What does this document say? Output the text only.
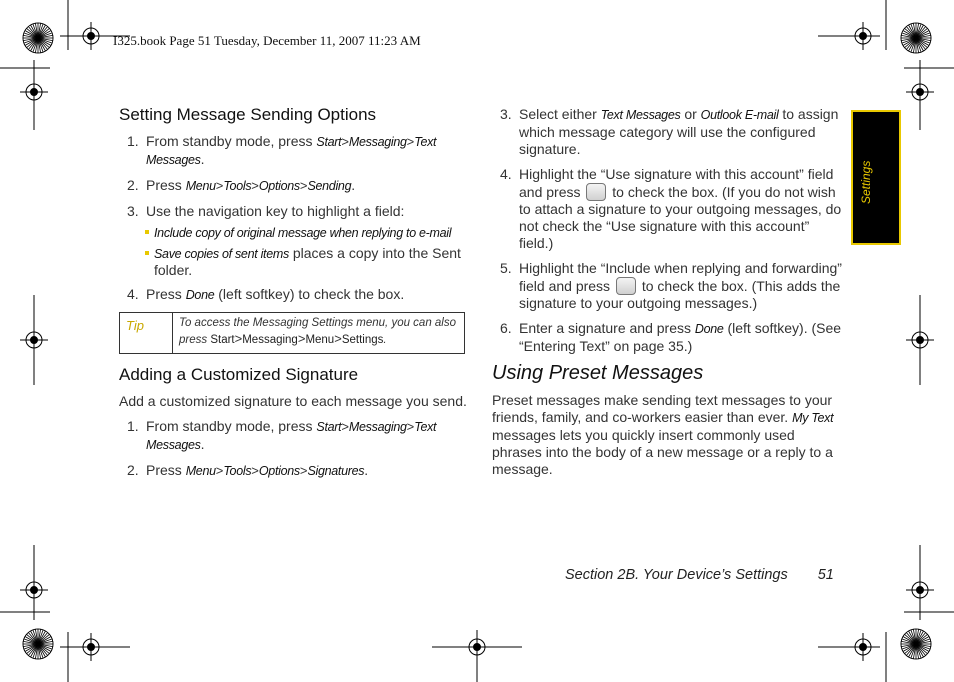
I325.book Page 51 Tuesday, December 11, 2007 11:23 AM
Settings
Setting Message Sending Options
1. From standby mode, press Start>Messaging>Text Messages.
2. Press Menu>Tools>Options>Sending.
3. Use the navigation key to highlight a field:
Include copy of original message when replying to e-mail
Save copies of sent items places a copy into the Sent folder.
4. Press Done (left softkey) to check the box.
Tip	To access the Messaging Settings menu, you can also press Start>Messaging>Menu>Settings.
Adding a Customized Signature
Add a customized signature to each message you send.
1. From standby mode, press Start>Messaging>Text Messages.
2. Press Menu>Tools>Options>Signatures.
3. Select either Text Messages or Outlook E-mail to assign which message category will use the configured signature.
4. Highlight the “Use signature with this account” field and press  to check the box. (If you do not wish to attach a signature to your outgoing messages, do not check the “Use signature with this account” field.)
5. Highlight the “Include when replying and forwarding” field and press  to check the box. (This adds the signature to your outgoing messages.)
6. Enter a signature and press Done (left softkey). (See “Entering Text” on page 35.)
Using Preset Messages
Preset messages make sending text messages to your friends, family, and co-workers easier than ever. My Text messages lets you quickly insert commonly used phrases into the body of a new message or a reply to a message.
Section 2B. Your Device’s Settings 51
